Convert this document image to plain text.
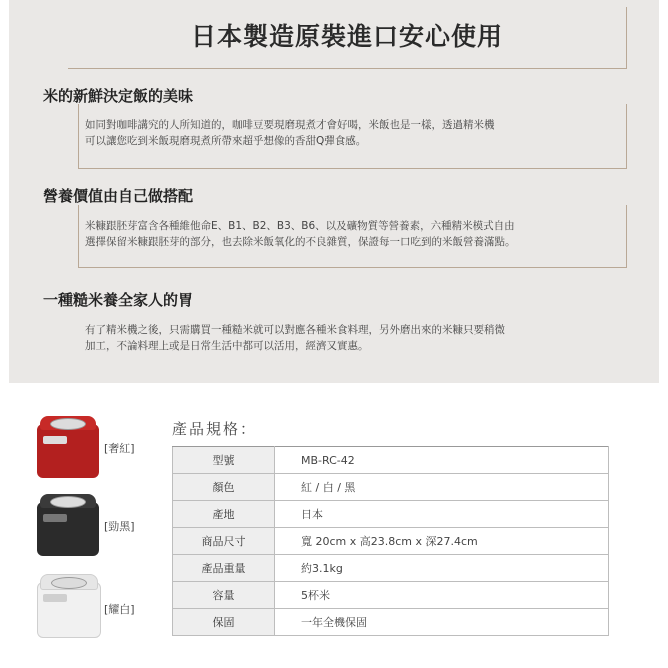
日本製造原裝進口安心使用
米的新鮮決定飯的美味
如同對咖啡講究的人所知道的，咖啡豆要現磨現煮才會好喝，米飯也是一樣，透過精米機
可以讓您吃到米飯現磨現煮所帶來超乎想像的香甜Q彈食感。
營養價值由自己做搭配
米糠跟胚芽富含各種維他命E、B1、B2、B3、B6、以及礦物質等營養素，六種精米模式自由
選擇保留米糠跟胚芽的部分，也去除米飯氧化的不良雜質，保證每一口吃到的米飯營養滿點。
一種糙米養全家人的胃
有了精米機之後，只需購買一種糙米就可以對應各種米食料理，另外磨出來的米糠只要稍微
加工，不論料理上或是日常生活中都可以活用，經濟又實惠。
[奢紅]
[勁黑]
[耀白]
產品規格：
型號	MB-RC-42
顏色	紅 / 白 / 黑
產地	日本
商品尺寸	寬 20cm x 高23.8cm x 深27.4cm
產品重量	約3.1kg
容量	5杯米
保固	一年全機保固
